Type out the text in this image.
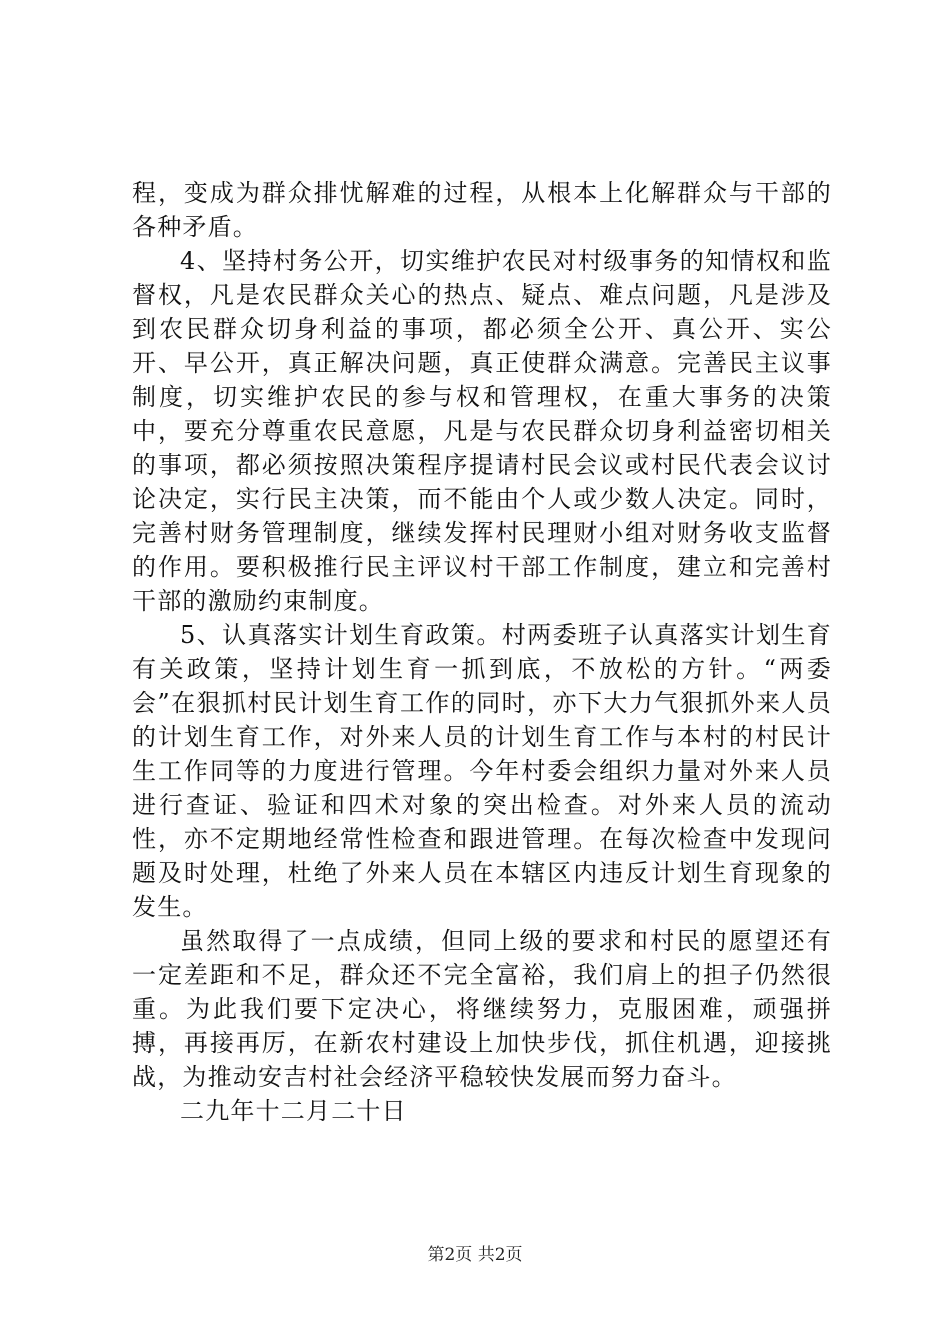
程，变成为群众排忧解难的过程，从根本上化解群众与干部的各种矛盾。

4、坚持村务公开，切实维护农民对村级事务的知情权和监督权，凡是农民群众关心的热点、疑点、难点问题，凡是涉及到农民群众切身利益的事项，都必须全公开、真公开、实公开、早公开，真正解决问题，真正使群众满意。完善民主议事制度，切实维护农民的参与权和管理权，在重大事务的决策中，要充分尊重农民意愿，凡是与农民群众切身利益密切相关的事项，都必须按照决策程序提请村民会议或村民代表会议讨论决定，实行民主决策，而不能由个人或少数人决定。同时，完善村财务管理制度，继续发挥村民理财小组对财务收支监督的作用。要积极推行民主评议村干部工作制度，建立和完善村干部的激励约束制度。

5、认真落实计划生育政策。村两委班子认真落实计划生育有关政策，坚持计划生育一抓到底，不放松的方针。“两委会”在狠抓村民计划生育工作的同时，亦下大力气狠抓外来人员的计划生育工作，对外来人员的计划生育工作与本村的村民计生工作同等的力度进行管理。今年村委会组织力量对外来人员进行查证、验证和四术对象的突出检查。对外来人员的流动性，亦不定期地经常性检查和跟进管理。在每次检查中发现问题及时处理，杜绝了外来人员在本辖区内违反计划生育现象的发生。

虽然取得了一点成绩，但同上级的要求和村民的愿望还有一定差距和不足，群众还不完全富裕，我们肩上的担子仍然很重。为此我们要下定决心，将继续努力，克服困难，顽强拼搏，再接再厉，在新农村建设上加快步伐，抓住机遇，迎接挑战，为推动安吉村社会经济平稳较快发展而努力奋斗。

二九年十二月二十日

第2页 共2页
